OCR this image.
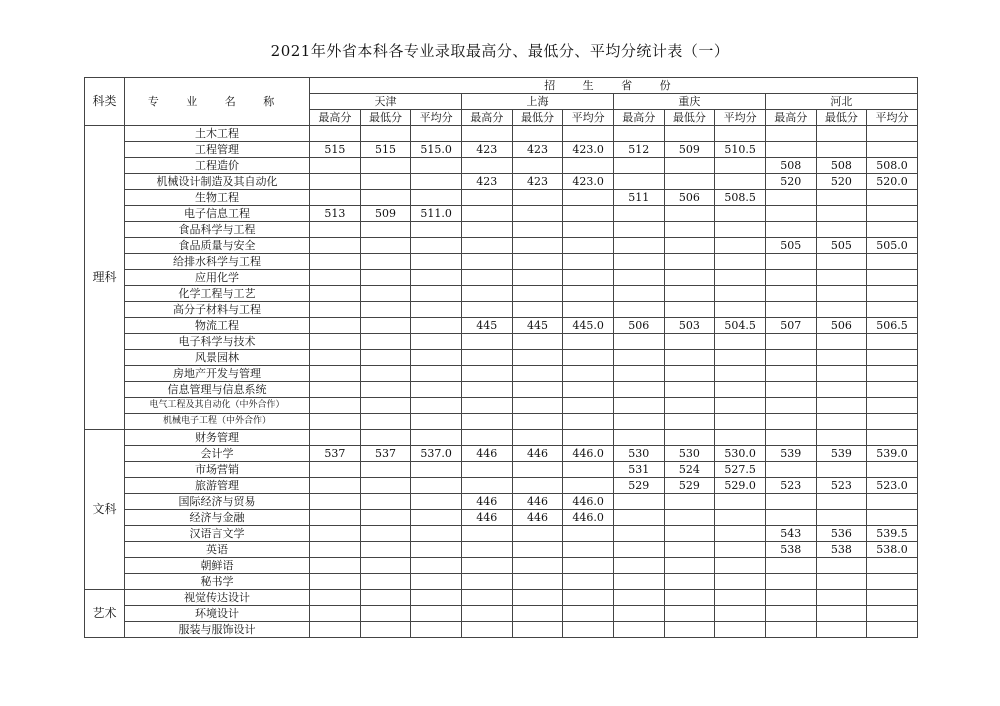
2021年外省本科各专业录取最高分、最低分、平均分统计表（一）
科类	专 业 名 称	招 生 省 份											
		天津			上海			重庆			河北		
		最高分	最低分	平均分	最高分	最低分	平均分	最高分	最低分	平均分	最高分	最低分	平均分
理科	土木工程												
	工程管理	515	515	515.0	423	423	423.0	512	509	510.5			
	工程造价										508	508	508.0
	机械设计制造及其自动化				423	423	423.0				520	520	520.0
	生物工程							511	506	508.5			
	电子信息工程	513	509	511.0									
	食品科学与工程												
	食品质量与安全										505	505	505.0
	给排水科学与工程												
	应用化学												
	化学工程与工艺												
	高分子材料与工程												
	物流工程				445	445	445.0	506	503	504.5	507	506	506.5
	电子科学与技术												
	风景园林												
	房地产开发与管理												
	信息管理与信息系统												
	电气工程及其自动化（中外合作）												
	机械电子工程（中外合作）												
文科	财务管理												
	会计学	537	537	537.0	446	446	446.0	530	530	530.0	539	539	539.0
	市场营销							531	524	527.5			
	旅游管理							529	529	529.0	523	523	523.0
	国际经济与贸易				446	446	446.0						
	经济与金融				446	446	446.0						
	汉语言文学										543	536	539.5
	英语										538	538	538.0
	朝鲜语												
	秘书学												
艺术	视觉传达设计												
	环境设计												
	服装与服饰设计												
